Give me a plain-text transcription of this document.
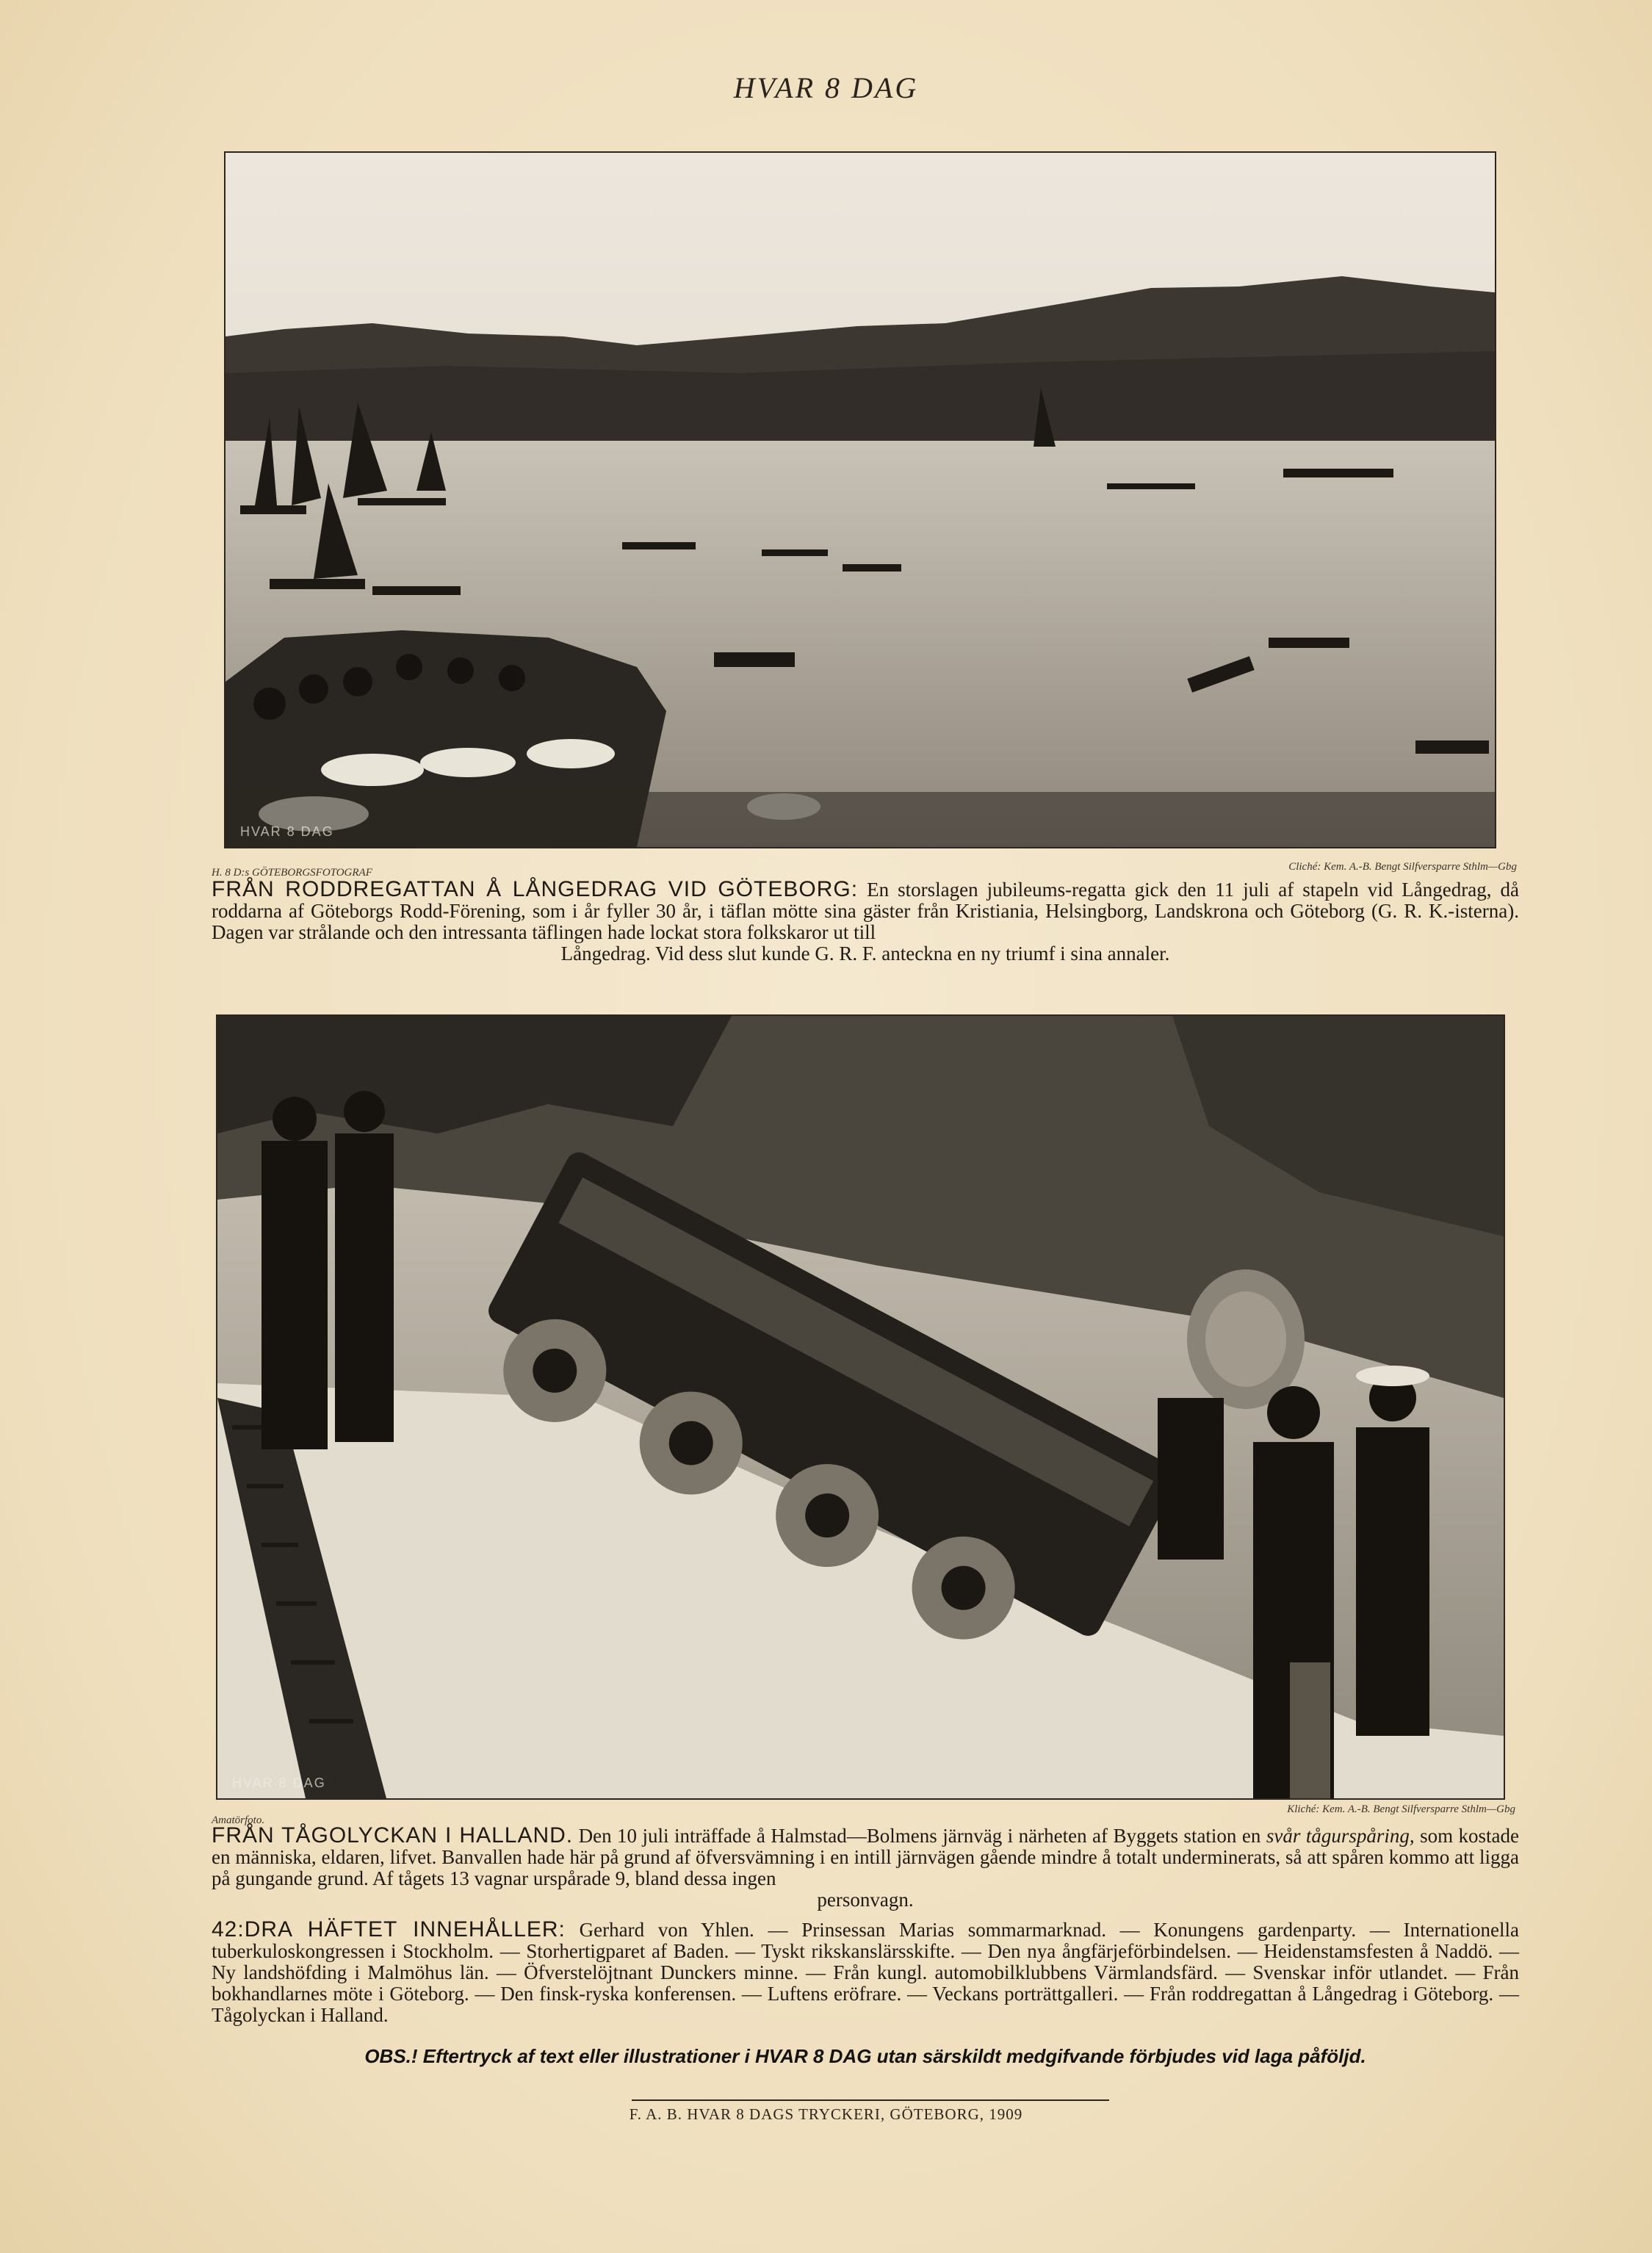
HVAR 8 DAG
HVAR 8 DAG
H. 8 D:s GÖTEBORGSFOTOGRAF	Cliché: Kem. A.-B. Bengt Silfversparre Sthlm—Gbg
FRÅN RODDREGATTAN Å LÅNGEDRAG VID GÖTEBORG: En storslagen jubileums-regatta gick den 11 juli af stapeln vid Långedrag, då roddarna af Göteborgs Rodd-Förening, som i år fyller 30 år, i täflan mötte sina gäster från Kristiania, Helsingborg, Landskrona och Göteborg (G. R. K.-isterna). Dagen var strålande och den intressanta täflingen hade lockat stora folkskaror ut till
Långedrag. Vid dess slut kunde G. R. F. anteckna en ny triumf i sina annaler.
HVAR 8 DAG
Amatörfoto.
Kliché: Kem. A.-B. Bengt Silfversparre Sthlm—Gbg
FRÅN TÅGOLYCKAN I HALLAND. Den 10 juli inträffade å Halmstad—Bolmens järnväg i närheten af Byggets station en svår tågurspåring, som kostade en människa, eldaren, lifvet. Banvallen hade här på grund af öfversvämning i en intill järnvägen gående mindre å totalt underminerats, så att spåren kommo att ligga på gungande grund. Af tågets 13 vagnar urspårade 9, bland dessa ingen
personvagn.
42:DRA HÄFTET INNEHÅLLER: Gerhard von Yhlen. — Prinsessan Marias sommarmarknad. — Konungens gardenparty. — Internationella tuberkuloskongressen i Stockholm. — Storhertigparet af Baden. — Tyskt rikskanslärsskifte. — Den nya ångfärjeförbindelsen. — Heidenstamsfesten å Naddö. — Ny landshöfding i Malmöhus län. — Öfverstelöjtnant Dunckers minne. — Från kungl. automobilklubbens Värmlandsfärd. — Svenskar inför utlandet. — Från bokhandlarnes möte i Göteborg. — Den finsk-ryska konferensen. — Luftens eröfrare. — Veckans porträttgalleri. — Från roddregattan å Långedrag i Göteborg. — Tågolyckan i Halland.
OBS.! Eftertryck af text eller illustrationer i HVAR 8 DAG utan särskildt medgifvande förbjudes vid laga påföljd.
F. A. B. HVAR 8 DAGS TRYCKERI, GÖTEBORG, 1909
